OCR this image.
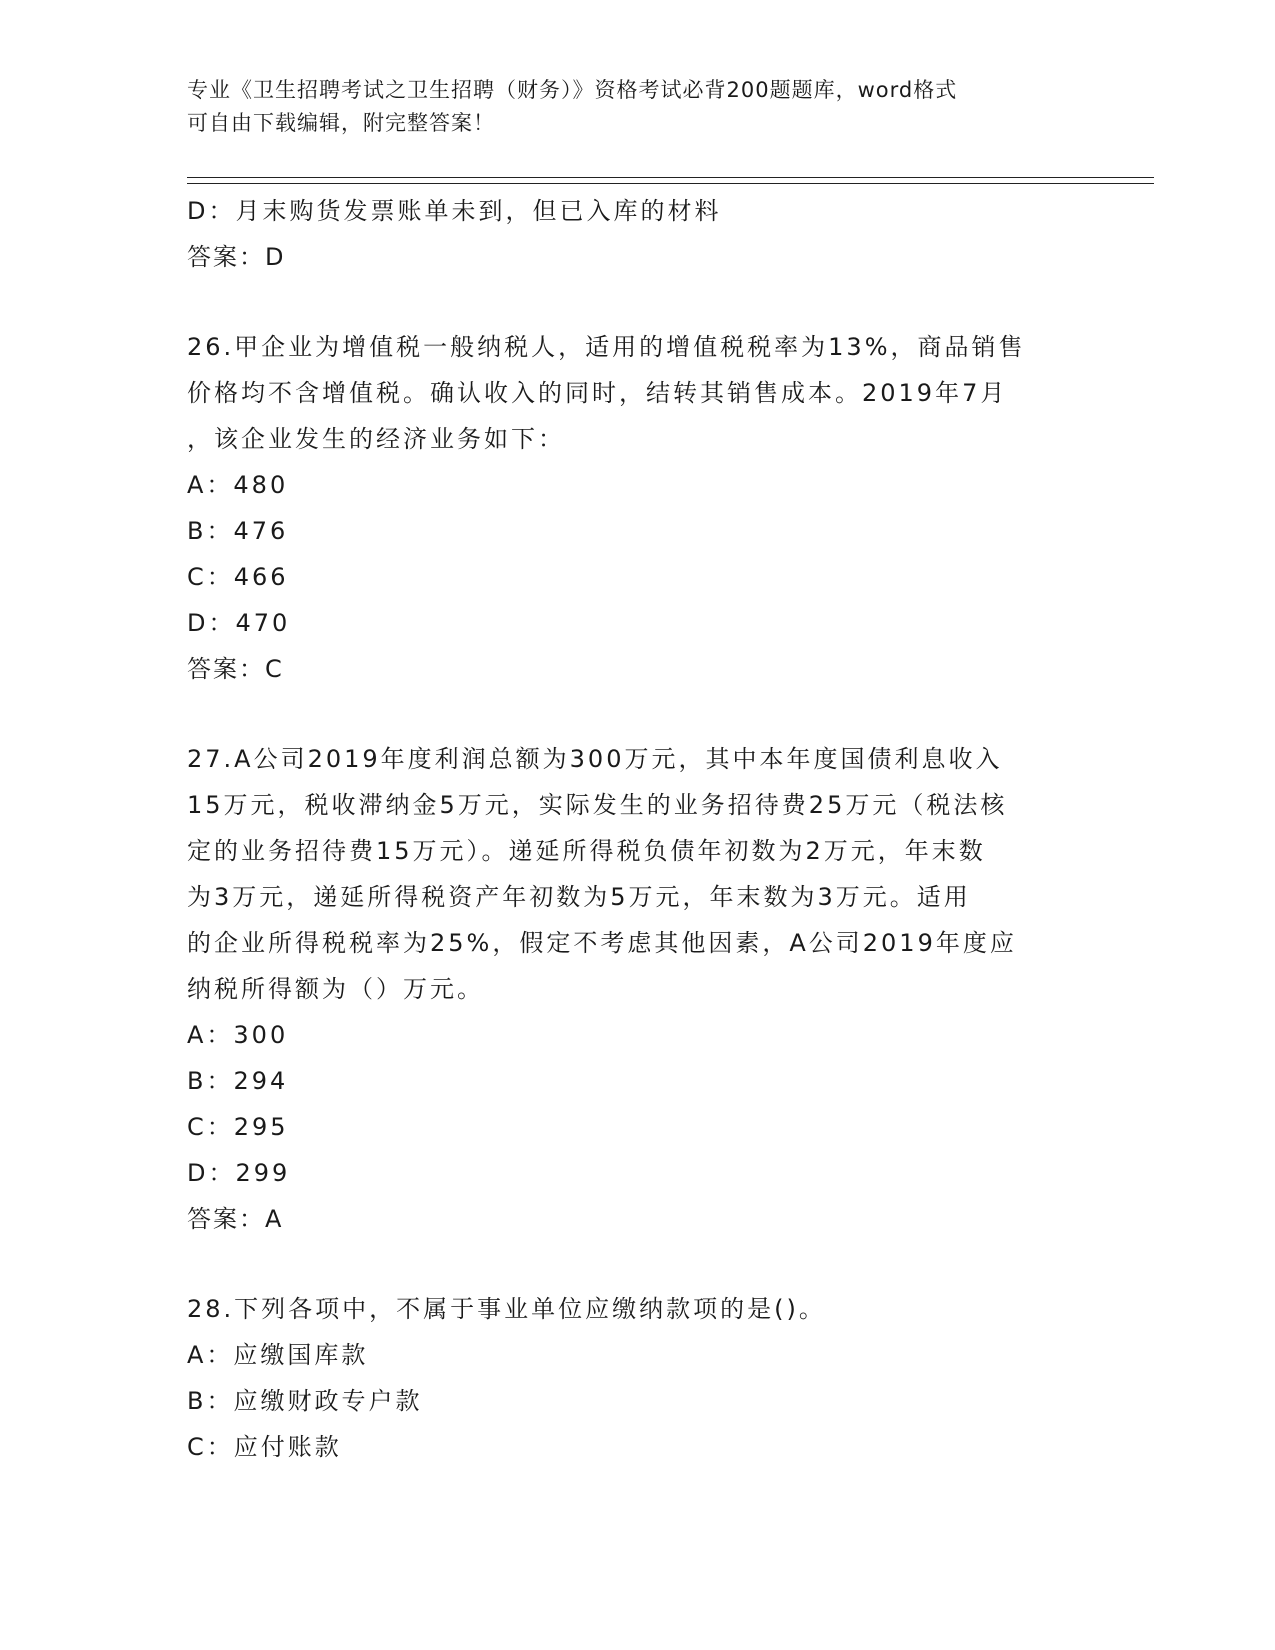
专业《卫生招聘考试之卫生招聘（财务）》资格考试必背200题题库，word格式
可自由下载编辑，附完整答案！
D：月末购货发票账单未到，但已入库的材料
答案：D
26.甲企业为增值税一般纳税人，适用的增值税税率为13%，商品销售
价格均不含增值税。确认收入的同时，结转其销售成本。2019年7月
，该企业发生的经济业务如下：
A：480
B：476
C：466
D：470
答案：C
27.A公司2019年度利润总额为300万元，其中本年度国债利息收入
15万元，税收滞纳金5万元，实际发生的业务招待费25万元（税法核
定的业务招待费15万元）。递延所得税负债年初数为2万元，年末数
为3万元，递延所得税资产年初数为5万元，年末数为3万元。适用
的企业所得税税率为25%，假定不考虑其他因素，A公司2019年度应
纳税所得额为（）万元。
A：300
B：294
C：295
D：299
答案：A
28.下列各项中，不属于事业单位应缴纳款项的是()。
A：应缴国库款
B：应缴财政专户款
C：应付账款
